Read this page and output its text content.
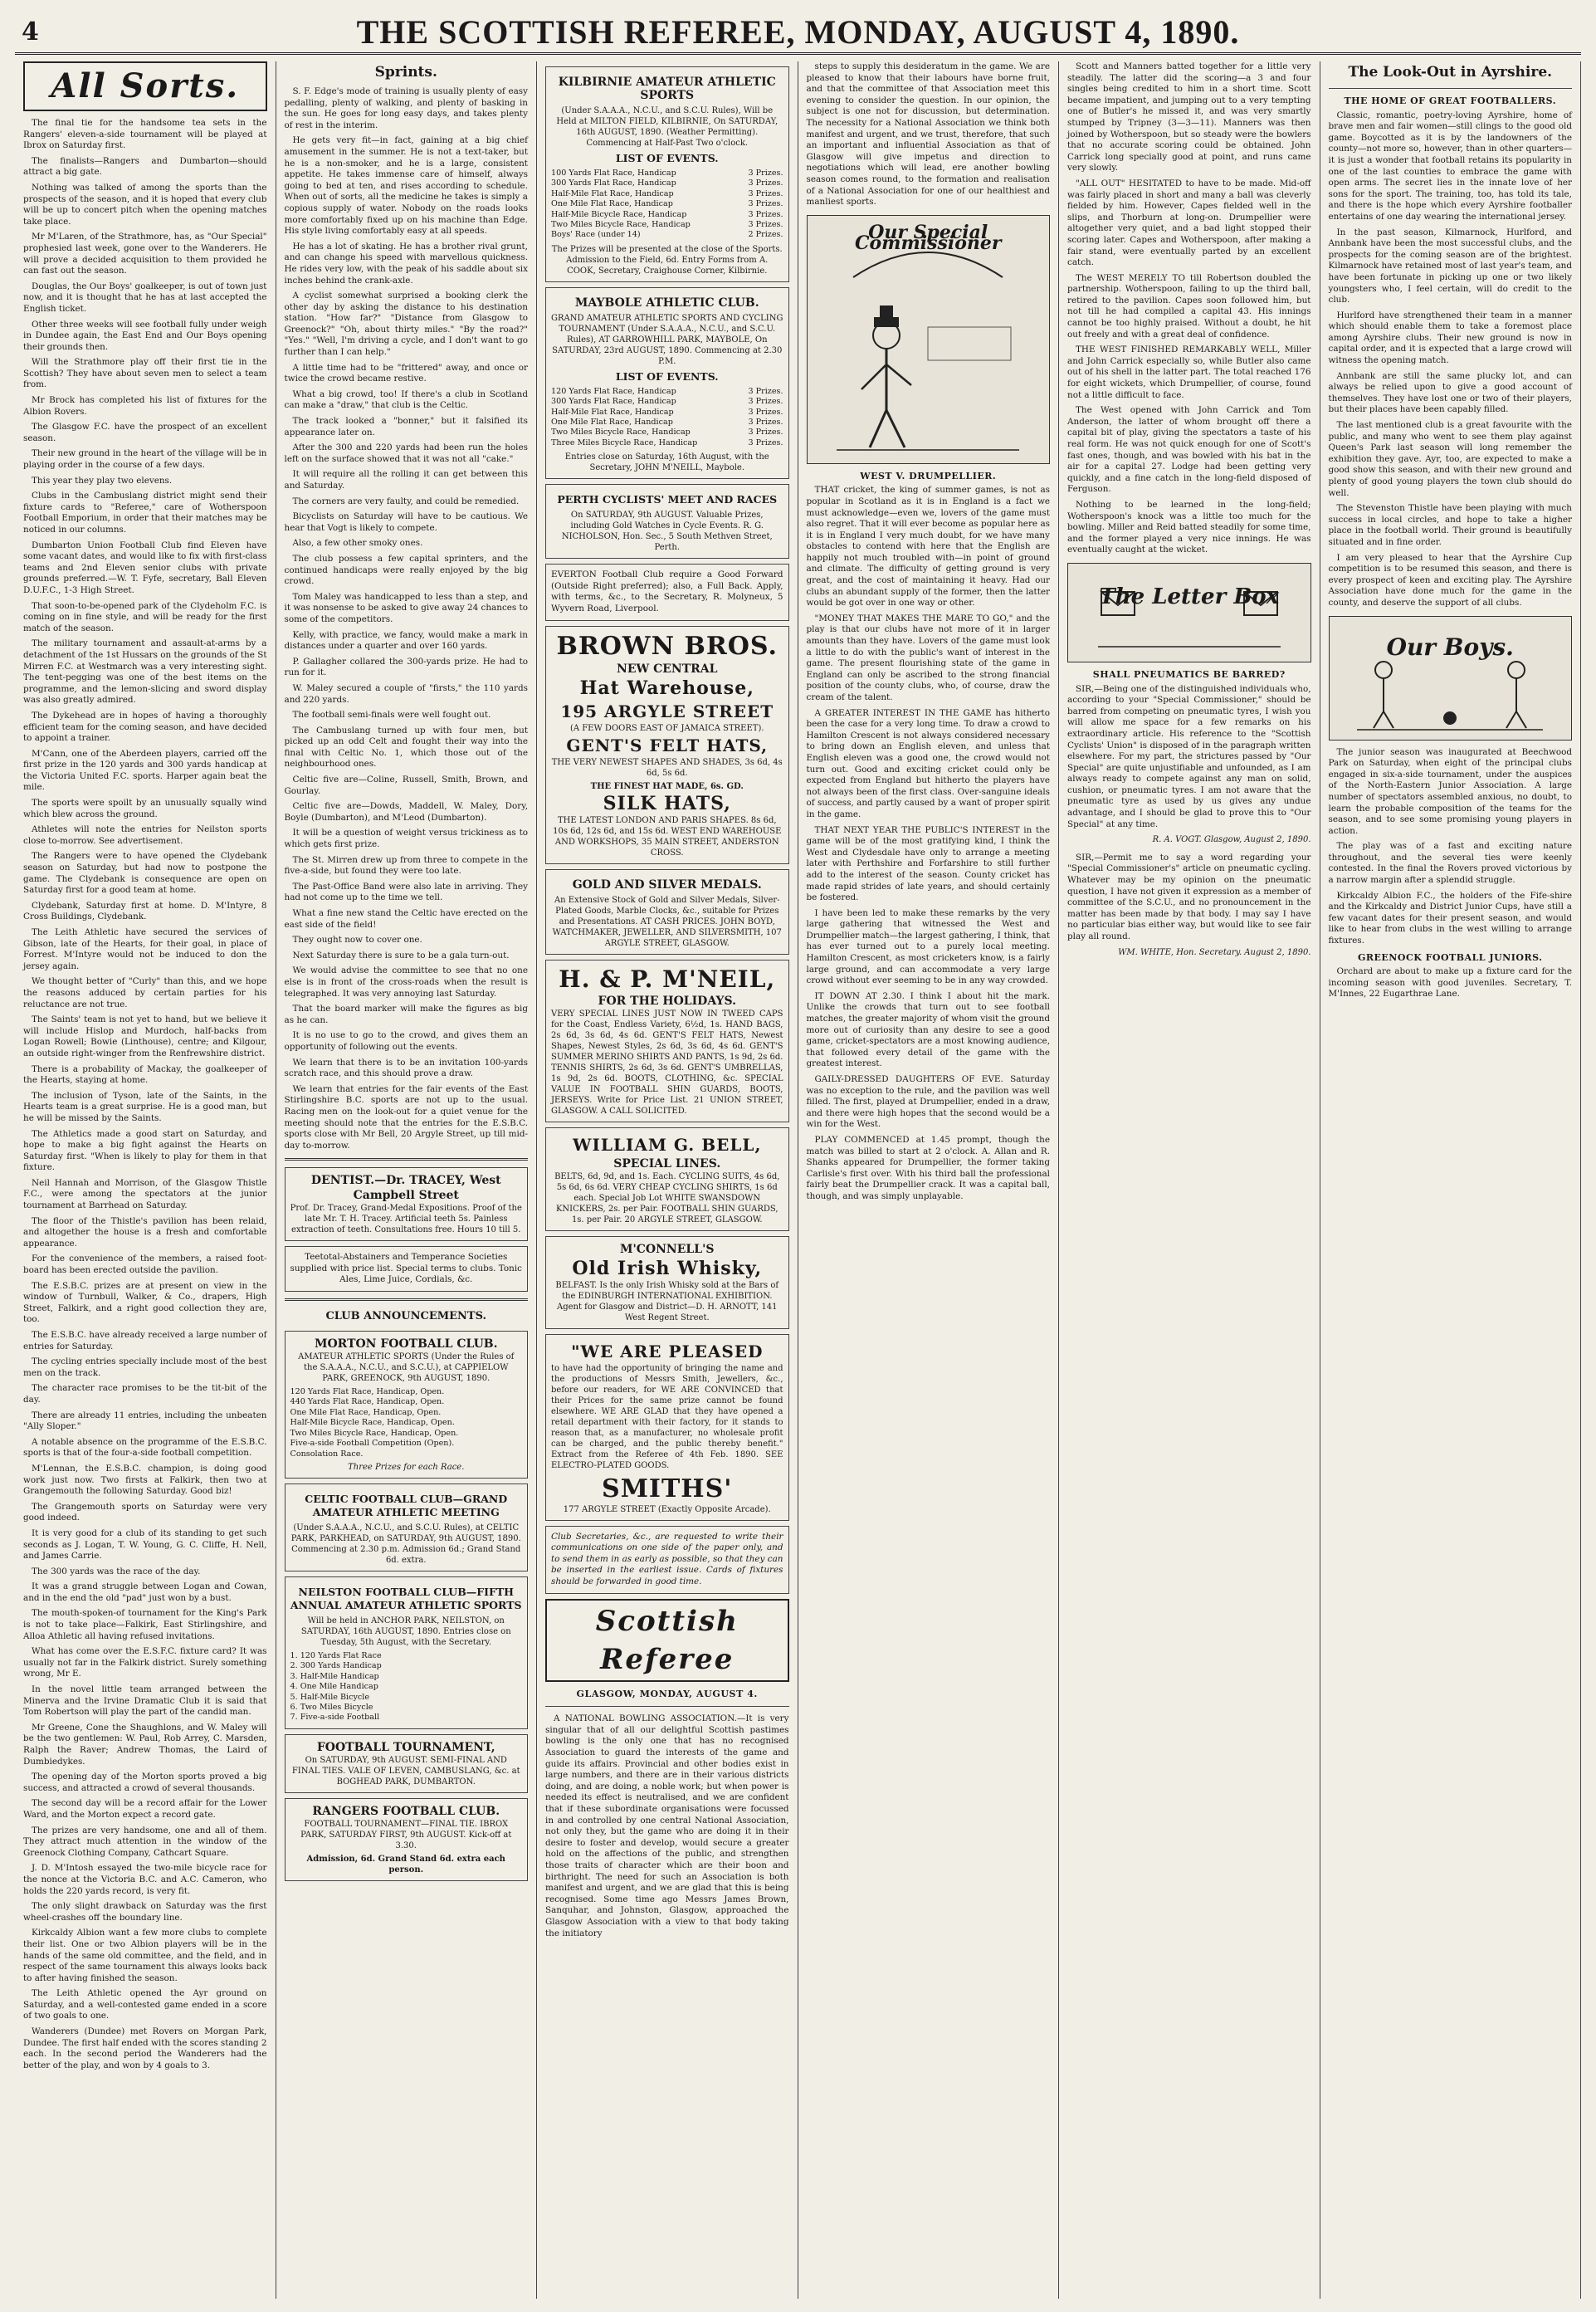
4	THE SCOTTISH REFEREE, MONDAY, AUGUST 4, 1890.
All Sorts.

The final tie for the handsome tea sets in the Rangers' eleven-a-side tournament will be played at Ibrox on Saturday first.

The finalists—Rangers and Dumbarton—should attract a big gate.

Nothing was talked of among the sports than the prospects of the season, and it is hoped that every club will be up to concert pitch when the opening matches take place.

Mr M'Laren, of the Strathmore, has, as "Our Special" prophesied last week, gone over to the Wanderers. He will prove a decided acquisition to them provided he can fast out the season.

Douglas, the Our Boys' goalkeeper, is out of town just now, and it is thought that he has at last accepted the English ticket.

Other three weeks will see football fully under weigh in Dundee again, the East End and Our Boys opening their grounds then.

Will the Strathmore play off their first tie in the Scottish? They have about seven men to select a team from.

Mr Brock has completed his list of fixtures for the Albion Rovers.

The Glasgow F.C. have the prospect of an excellent season.

Their new ground in the heart of the village will be in playing order in the course of a few days.

This year they play two elevens.

Clubs in the Cambuslang district might send their fixture cards to "Referee," care of Wotherspoon Football Emporium, in order that their matches may be noticed in our columns.

Dumbarton Union Football Club find Eleven have some vacant dates, and would like to fix with first-class teams and 2nd Eleven senior clubs with private grounds preferred.—W. T. Fyfe, secretary, Ball Eleven D.U.F.C., 1-3 High Street.

That soon-to-be-opened park of the Clydeholm F.C. is coming on in fine style, and will be ready for the first match of the season.

The military tournament and assault-at-arms by a detachment of the 1st Hussars on the grounds of the St Mirren F.C. at Westmarch was a very interesting sight. The tent-pegging was one of the best items on the programme, and the lemon-slicing and sword display was also greatly admired.

The Dykehead are in hopes of having a thoroughly efficient team for the coming season, and have decided to appoint a trainer.

M'Cann, one of the Aberdeen players, carried off the first prize in the 120 yards and 300 yards handicap at the Victoria United F.C. sports. Harper again beat the mile.

The sports were spoilt by an unusually squally wind which blew across the ground.

Athletes will note the entries for Neilston sports close to-morrow. See advertisement.

The Rangers were to have opened the Clydebank season on Saturday, but had now to postpone the game. The Clydebank is consequence are open on Saturday first for a good team at home.

Clydebank, Saturday first at home. D. M'Intyre, 8 Cross Buildings, Clydebank.

The Leith Athletic have secured the services of Gibson, late of the Hearts, for their goal, in place of Forrest. M'Intyre would not be induced to don the jersey again.

We thought better of "Curly" than this, and we hope the reasons adduced by certain parties for his reluctance are not true.

The Saints' team is not yet to hand, but we believe it will include Hislop and Murdoch, half-backs from Logan Rowell; Bowie (Linthouse), centre; and Kilgour, an outside right-winger from the Renfrewshire district.

There is a probability of Mackay, the goalkeeper of the Hearts, staying at home.

The inclusion of Tyson, late of the Saints, in the Hearts team is a great surprise. He is a good man, but he will be missed by the Saints.

The Athletics made a good start on Saturday, and hope to make a big fight against the Hearts on Saturday first. "When is likely to play for them in that fixture.

Neil Hannah and Morrison, of the Glasgow Thistle F.C., were among the spectators at the junior tournament at Barrhead on Saturday.

The floor of the Thistle's pavilion has been relaid, and altogether the house is a fresh and comfortable appearance.

For the convenience of the members, a raised foot-board has been erected outside the pavilion.

The E.S.B.C. prizes are at present on view in the window of Turnbull, Walker, & Co., drapers, High Street, Falkirk, and a right good collection they are, too.

The E.S.B.C. have already received a large number of entries for Saturday.

The cycling entries specially include most of the best men on the track.

The character race promises to be the tit-bit of the day.

There are already 11 entries, including the unbeaten "Ally Sloper."

A notable absence on the programme of the E.S.B.C. sports is that of the four-a-side football competition.

M'Lennan, the E.S.B.C. champion, is doing good work just now. Two firsts at Falkirk, then two at Grangemouth the following Saturday. Good biz!

The Grangemouth sports on Saturday were very good indeed.

It is very good for a club of its standing to get such seconds as J. Logan, T. W. Young, G. C. Cliffe, H. Nell, and James Carrie.

The 300 yards was the race of the day.

It was a grand struggle between Logan and Cowan, and in the end the old "pad" just won by a bust.

The mouth-spoken-of tournament for the King's Park is not to take place—Falkirk, East Stirlingshire, and Alloa Athletic all having refused invitations.

What has come over the E.S.F.C. fixture card? It was usually not far in the Falkirk district. Surely something wrong, Mr E.

In the novel little team arranged between the Minerva and the Irvine Dramatic Club it is said that Tom Robertson will play the part of the candid man.

Mr Greene, Cone the Shaughlons, and W. Maley will be the two gentlemen: W. Paul, Rob Arrey, C. Marsden, Ralph the Raver; Andrew Thomas, the Laird of Dumbiedykes.

The opening day of the Morton sports proved a big success, and attracted a crowd of several thousands.

The second day will be a record affair for the Lower Ward, and the Morton expect a record gate.

The prizes are very handsome, one and all of them. They attract much attention in the window of the Greenock Clothing Company, Cathcart Square.

J. D. M'Intosh essayed the two-mile bicycle race for the nonce at the Victoria B.C. and A.C. Cameron, who holds the 220 yards record, is very fit.

The only slight drawback on Saturday was the first wheel-crashes off the boundary line.

Kirkcaldy Albion want a few more clubs to complete their list. One or two Albion players will be in the hands of the same old committee, and the field, and in respect of the same tournament this always looks back to after having finished the season.

The Leith Athletic opened the Ayr ground on Saturday, and a well-contested game ended in a score of two goals to one.

Wanderers (Dundee) met Rovers on Morgan Park, Dundee. The first half ended with the scores standing 2 each. In the second period the Wanderers had the better of the play, and won by 4 goals to 3.

Sprints.

S. F. Edge's mode of training is usually plenty of easy pedalling, plenty of walking, and plenty of basking in the sun. He goes for long easy days, and takes plenty of rest in the interim.

He gets very fit—in fact, gaining at a big chief amusement in the summer. He is not a text-taker, but he is a non-smoker, and he is a large, consistent appetite. He takes immense care of himself, always going to bed at ten, and rises according to schedule. When out of sorts, all the medicine he takes is simply a copious supply of water. Nobody on the roads looks more comfortably fixed up on his machine than Edge. His style living comfortably easy at all speeds.

He has a lot of skating. He has a brother rival grunt, and can change his speed with marvellous quickness. He rides very low, with the peak of his saddle about six inches behind the crank-axle.

A cyclist somewhat surprised a booking clerk the other day by asking the distance to his destination station. "How far?" "Distance from Glasgow to Greenock?" "Oh, about thirty miles." "By the road?" "Yes." "Well, I'm driving a cycle, and I don't want to go further than I can help."

A little time had to be "frittered" away, and once or twice the crowd became restive.

What a big crowd, too! If there's a club in Scotland can make a "draw," that club is the Celtic.

The track looked a "bonner," but it falsified its appearance later on.

After the 300 and 220 yards had been run the holes left on the surface showed that it was not all "cake."

It will require all the rolling it can get between this and Saturday.

The corners are very faulty, and could be remedied.

Bicyclists on Saturday will have to be cautious. We hear that Vogt is likely to compete.

Also, a few other smoky ones.

The club possess a few capital sprinters, and the continued handicaps were really enjoyed by the big crowd.

Tom Maley was handicapped to less than a step, and it was nonsense to be asked to give away 24 chances to some of the competitors.

Kelly, with practice, we fancy, would make a mark in distances under a quarter and over 160 yards.

P. Gallagher collared the 300-yards prize. He had to run for it.

W. Maley secured a couple of "firsts," the 110 yards and 220 yards.

The football semi-finals were well fought out.

The Cambuslang turned up with four men, but picked up an odd Celt and fought their way into the final with Celtic No. 1, which those out of the neighbourhood ones.

Celtic five are—Coline, Russell, Smith, Brown, and Gourlay.

Celtic five are—Dowds, Maddell, W. Maley, Dory, Boyle (Dumbarton), and M'Leod (Dumbarton).

It will be a question of weight versus trickiness as to which gets first prize.

The St. Mirren drew up from three to compete in the five-a-side, but found they were too late.

The Past-Office Band were also late in arriving. They had not come up to the time we tell.

What a fine new stand the Celtic have erected on the east side of the field!

They ought now to cover one.

Next Saturday there is sure to be a gala turn-out.

We would advise the committee to see that no one else is in front of the cross-roads when the result is telegraphed. It was very annoying last Saturday.

That the board marker will make the figures as big as he can.

It is no use to go to the crowd, and gives them an opportunity of following out the events.

We learn that there is to be an invitation 100-yards scratch race, and this should prove a draw.

We learn that entries for the fair events of the East Stirlingshire B.C. sports are not up to the usual. Racing men on the look-out for a quiet venue for the meeting should note that the entries for the E.S.B.C. sports close with Mr Bell, 20 Argyle Street, up till mid-day to-morrow.

DENTIST.—Dr. TRACEY, West Campbell Street
Prof. Dr. Tracey, Grand-Medal Expositions. Proof of the late Mr. T. H. Tracey. Artificial teeth 5s. Painless extraction of teeth. Consultations free. Hours 10 till 5.
Teetotal-Abstainers and Temperance Societies supplied with price list. Special terms to clubs. Tonic Ales, Lime Juice, Cordials, &c.
CLUB ANNOUNCEMENTS.
MORTON FOOTBALL CLUB.
AMATEUR ATHLETIC SPORTS (Under the Rules of the S.A.A.A., N.C.U., and S.C.U.), at CAPPIELOW PARK, GREENOCK, 9th AUGUST, 1890.
120 Yards Flat Race, Handicap, Open.
440 Yards Flat Race, Handicap, Open.
One Mile Flat Race, Handicap, Open.
Half-Mile Bicycle Race, Handicap, Open.
Two Miles Bicycle Race, Handicap, Open.
Five-a-side Football Competition (Open).
Consolation Race.
Three Prizes for each Race.
CELTIC FOOTBALL CLUB—GRAND AMATEUR ATHLETIC MEETING
(Under S.A.A.A., N.C.U., and S.C.U. Rules), at CELTIC PARK, PARKHEAD, on SATURDAY, 9th AUGUST, 1890. Commencing at 2.30 p.m. Admission 6d.; Grand Stand 6d. extra.
NEILSTON FOOTBALL CLUB—FIFTH ANNUAL AMATEUR ATHLETIC SPORTS
Will be held in ANCHOR PARK, NEILSTON, on SATURDAY, 16th AUGUST, 1890. Entries close on Tuesday, 5th August, with the Secretary.
1. 120 Yards Flat Race
2. 300 Yards Handicap
3. Half-Mile Handicap
4. One Mile Handicap
5. Half-Mile Bicycle
6. Two Miles Bicycle
7. Five-a-side Football
FOOTBALL TOURNAMENT,
On SATURDAY, 9th AUGUST. SEMI-FINAL AND FINAL TIES. VALE OF LEVEN, CAMBUSLANG, &c. at BOGHEAD PARK, DUMBARTON.
RANGERS FOOTBALL CLUB.
FOOTBALL TOURNAMENT—FINAL TIE. IBROX PARK, SATURDAY FIRST, 9th AUGUST. Kick-off at 3.30.
Admission, 6d. Grand Stand 6d. extra each person.
KILBIRNIE AMATEUR ATHLETIC SPORTS
(Under S.A.A.A., N.C.U., and S.C.U. Rules), Will be Held at MILTON FIELD, KILBIRNIE, On SATURDAY, 16th AUGUST, 1890. (Weather Permitting). Commencing at Half-Past Two o'clock.
LIST OF EVENTS.
100 Yards Flat Race, Handicap	3 Prizes.
300 Yards Flat Race, Handicap	3 Prizes.
Half-Mile Flat Race, Handicap	3 Prizes.
One Mile Flat Race, Handicap	3 Prizes.
Half-Mile Bicycle Race, Handicap	3 Prizes.
Two Miles Bicycle Race, Handicap	3 Prizes.
Boys' Race (under 14)	2 Prizes.
The Prizes will be presented at the close of the Sports. Admission to the Field, 6d. Entry Forms from A. COOK, Secretary, Craighouse Corner, Kilbirnie.
MAYBOLE ATHLETIC CLUB.
GRAND AMATEUR ATHLETIC SPORTS AND CYCLING TOURNAMENT (Under S.A.A.A., N.C.U., and S.C.U. Rules), AT GARROWHILL PARK, MAYBOLE, On SATURDAY, 23rd AUGUST, 1890. Commencing at 2.30 P.M.
LIST OF EVENTS.
120 Yards Flat Race, Handicap	3 Prizes.
300 Yards Flat Race, Handicap	3 Prizes.
Half-Mile Flat Race, Handicap	3 Prizes.
One Mile Flat Race, Handicap	3 Prizes.
Two Miles Bicycle Race, Handicap	3 Prizes.
Three Miles Bicycle Race, Handicap	3 Prizes.
Entries close on Saturday, 16th August, with the Secretary, JOHN M'NEILL, Maybole.
PERTH CYCLISTS' MEET AND RACES
On SATURDAY, 9th AUGUST. Valuable Prizes, including Gold Watches in Cycle Events. R. G. NICHOLSON, Hon. Sec., 5 South Methven Street, Perth.
EVERTON Football Club require a Good Forward (Outside Right preferred); also, a Full Back. Apply, with terms, &c., to the Secretary, R. Molyneux, 5 Wyvern Road, Liverpool.
BROWN BROS.
NEW CENTRAL
Hat Warehouse,
195 ARGYLE STREET
(A FEW DOORS EAST OF JAMAICA STREET).
GENT'S FELT HATS,
THE VERY NEWEST SHAPES AND SHADES, 3s 6d, 4s 6d, 5s 6d.
THE FINEST HAT MADE, 6s. GD.
SILK HATS,
THE LATEST LONDON AND PARIS SHAPES. 8s 6d, 10s 6d, 12s 6d, and 15s 6d. WEST END WAREHOUSE AND WORKSHOPS, 35 MAIN STREET, ANDERSTON CROSS.
GOLD AND SILVER MEDALS.
An Extensive Stock of Gold and Silver Medals, Silver-Plated Goods, Marble Clocks, &c., suitable for Prizes and Presentations. AT CASH PRICES. JOHN BOYD, WATCHMAKER, JEWELLER, AND SILVERSMITH, 107 ARGYLE STREET, GLASGOW.
H. & P. M'NEIL,
FOR THE HOLIDAYS.
VERY SPECIAL LINES JUST NOW IN TWEED CAPS for the Coast, Endless Variety, 6½d, 1s. HAND BAGS, 2s 6d, 3s 6d, 4s 6d. GENT'S FELT HATS, Newest Shapes, Newest Styles, 2s 6d, 3s 6d, 4s 6d. GENT'S SUMMER MERINO SHIRTS AND PANTS, 1s 9d, 2s 6d. TENNIS SHIRTS, 2s 6d, 3s 6d. GENT'S UMBRELLAS, 1s 9d, 2s 6d. BOOTS, CLOTHING, &c. SPECIAL VALUE IN FOOTBALL SHIN GUARDS, BOOTS, JERSEYS. Write for Price List. 21 UNION STREET, GLASGOW. A CALL SOLICITED.
WILLIAM G. BELL,
SPECIAL LINES.
BELTS, 6d, 9d, and 1s. Each. CYCLING SUITS, 4s 6d, 5s 6d, 6s 6d. VERY CHEAP CYCLING SHIRTS, 1s 6d each. Special Job Lot WHITE SWANSDOWN KNICKERS, 2s. per Pair. FOOTBALL SHIN GUARDS, 1s. per Pair. 20 ARGYLE STREET, GLASGOW.
M'CONNELL'S
Old Irish Whisky,
BELFAST. Is the only Irish Whisky sold at the Bars of the EDINBURGH INTERNATIONAL EXHIBITION. Agent for Glasgow and District—D. H. ARNOTT, 141 West Regent Street.
"WE ARE PLEASED
to have had the opportunity of bringing the name and the productions of Messrs Smith, Jewellers, &c., before our readers, for WE ARE CONVINCED that their Prices for the same prize cannot be found elsewhere. WE ARE GLAD that they have opened a retail department with their factory, for it stands to reason that, as a manufacturer, no wholesale profit can be charged, and the public thereby benefit." Extract from the Referee of 4th Feb. 1890. SEE ELECTRO-PLATED GOODS.
SMITHS'
177 ARGYLE STREET (Exactly Opposite Arcade).
Club Secretaries, &c., are requested to write their communications on one side of the paper only, and to send them in as early as possible, so that they can be inserted in the earliest issue. Cards of fixtures should be forwarded in good time.
Scottish Referee
GLASGOW, MONDAY, AUGUST 4.

A NATIONAL BOWLING ASSOCIATION.—It is very singular that of all our delightful Scottish pastimes bowling is the only one that has no recognised Association to guard the interests of the game and guide its affairs. Provincial and other bodies exist in large numbers, and there are in their various districts doing, and are doing, a noble work; but when power is needed its effect is neutralised, and we are confident that if these subordinate organisations were focussed in and controlled by one central National Association, not only they, but the game who are doing it in their desire to foster and develop, would secure a greater hold on the affections of the public, and strengthen those traits of character which are their boon and birthright. The need for such an Association is both manifest and urgent, and we are glad that this is being recognised. Some time ago Messrs James Brown, Sanquhar, and Johnston, Glasgow, approached the Glasgow Association with a view to that body taking the initiatory

steps to supply this desideratum in the game. We are pleased to know that their labours have borne fruit, and that the committee of that Association meet this evening to consider the question. In our opinion, the subject is one not for discussion, but determination. The necessity for a National Association we think both manifest and urgent, and we trust, therefore, that such an important and influential Association as that of Glasgow will give impetus and direction to negotiations which will lead, ere another bowling season comes round, to the formation and realisation of a National Association for one of our healthiest and manliest sports.

Our Special Commissioner
WEST V. DRUMPELLIER.

THAT cricket, the king of summer games, is not as popular in Scotland as it is in England is a fact we must acknowledge—even we, lovers of the game must also regret. That it will ever become as popular here as it is in England I very much doubt, for we have many obstacles to contend with here that the English are happily not much troubled with—in point of ground and climate. The difficulty of getting ground is very great, and the cost of maintaining it heavy. Had our clubs an abundant supply of the former, then the latter would be got over in one way or other.

"MONEY THAT MAKES THE MARE TO GO," and the play is that our clubs have not more of it in larger amounts than they have. Lovers of the game must look a little to do with the public's want of interest in the game. The present flourishing state of the game in England can only be ascribed to the strong financial position of the county clubs, who, of course, draw the cream of the talent.

A GREATER INTEREST IN THE GAME has hitherto been the case for a very long time. To draw a crowd to Hamilton Crescent is not always considered necessary to bring down an English eleven, and unless that English eleven was a good one, the crowd would not turn out. Good and exciting cricket could only be expected from England but hitherto the players have not always been of the first class. Over-sanguine ideals of success, and partly caused by a want of proper spirit in the game.

THAT NEXT YEAR THE PUBLIC'S INTEREST in the game will be of the most gratifying kind, I think the West and Clydesdale have only to arrange a meeting later with Perthshire and Forfarshire to still further add to the interest of the season. County cricket has made rapid strides of late years, and should certainly be fostered.

I have been led to make these remarks by the very large gathering that witnessed the West and Drumpellier match—the largest gathering, I think, that has ever turned out to a purely local meeting. Hamilton Crescent, as most cricketers know, is a fairly large ground, and can accommodate a very large crowd without ever seeming to be in any way crowded.

IT DOWN AT 2.30. I think I about hit the mark. Unlike the crowds that turn out to see football matches, the greater majority of whom visit the ground more out of curiosity than any desire to see a good game, cricket-spectators are a most knowing audience, that followed every detail of the game with the greatest interest.

GAILY-DRESSED DAUGHTERS OF EVE. Saturday was no exception to the rule, and the pavilion was well filled. The first, played at Drumpellier, ended in a draw, and there were high hopes that the second would be a win for the West.

PLAY COMMENCED at 1.45 prompt, though the match was billed to start at 2 o'clock. A. Allan and R. Shanks appeared for Drumpellier, the former taking Carlisle's first over. With his third ball the professional fairly beat the Drumpellier crack. It was a capital ball, though, and was simply unplayable.

Scott and Manners batted together for a little very steadily. The latter did the scoring—a 3 and four singles being credited to him in a short time. Scott became impatient, and jumping out to a very tempting one of Butler's he missed it, and was very smartly stumped by Tripney (3—3—11). Manners was then joined by Wotherspoon, but so steady were the bowlers that no accurate scoring could be obtained. John Carrick long specially good at point, and runs came very slowly.

"ALL OUT" HESITATED to have to be made. Mid-off was fairly placed in short and many a ball was cleverly fielded by him. However, Capes fielded well in the slips, and Thorburn at long-on. Drumpellier were altogether very quiet, and a bad light stopped their scoring later. Capes and Wotherspoon, after making a fair stand, were eventually parted by an excellent catch.

The WEST MERELY TO till Robertson doubled the partnership. Wotherspoon, failing to up the third ball, retired to the pavilion. Capes soon followed him, but not till he had compiled a capital 43. His innings cannot be too highly praised. Without a doubt, he hit out freely and with a great deal of confidence.

THE WEST FINISHED REMARKABLY WELL, Miller and John Carrick especially so, while Butler also came out of his shell in the latter part. The total reached 176 for eight wickets, which Drumpellier, of course, found not a little difficult to face.

The West opened with John Carrick and Tom Anderson, the latter of whom brought off there a capital bit of play, giving the spectators a taste of his real form. He was not quick enough for one of Scott's fast ones, though, and was bowled with his bat in the air for a capital 27. Lodge had been getting very quickly, and a fine catch in the long-field disposed of Ferguson.

Nothing to be learned in the long-field; Wotherspoon's knock was a little too much for the bowling. Miller and Reid batted steadily for some time, and the former played a very nice innings. He was eventually caught at the wicket.

The Letter Box
SHALL PNEUMATICS BE BARRED?

SIR,—Being one of the distinguished individuals who, according to your "Special Commissioner," should be barred from competing on pneumatic tyres, I wish you will allow me space for a few remarks on his extraordinary article. His reference to the "Scottish Cyclists' Union" is disposed of in the paragraph written elsewhere. For my part, the strictures passed by "Our Special" are quite unjustifiable and unfounded, as I am always ready to compete against any man on solid, cushion, or pneumatic tyres. I am not aware that the pneumatic tyre as used by us gives any undue advantage, and I should be glad to prove this to "Our Special" at any time.

R. A. VOGT. Glasgow, August 2, 1890.

SIR,—Permit me to say a word regarding your "Special Commissioner's" article on pneumatic cycling. Whatever may be my opinion on the pneumatic question, I have not given it expression as a member of committee of the S.C.U., and no pronouncement in the matter has been made by that body. I may say I have no particular bias either way, but would like to see fair play all round.

WM. WHITE, Hon. Secretary. August 2, 1890.
The Look-Out in Ayrshire.
THE HOME OF GREAT FOOTBALLERS.

Classic, romantic, poetry-loving Ayrshire, home of brave men and fair women—still clings to the good old game. Boycotted as it is by the landowners of the county—not more so, however, than in other quarters—it is just a wonder that football retains its popularity in one of the last counties to embrace the game with open arms. The secret lies in the innate love of her sons for the sport. The training, too, has told its tale, and there is the hope which every Ayrshire footballer entertains of one day wearing the international jersey.

In the past season, Kilmarnock, Hurlford, and Annbank have been the most successful clubs, and the prospects for the coming season are of the brightest. Kilmarnock have retained most of last year's team, and have been fortunate in picking up one or two likely youngsters who, I feel certain, will do credit to the club.

Hurlford have strengthened their team in a manner which should enable them to take a foremost place among Ayrshire clubs. Their new ground is now in capital order, and it is expected that a large crowd will witness the opening match.

Annbank are still the same plucky lot, and can always be relied upon to give a good account of themselves. They have lost one or two of their players, but their places have been capably filled.

The last mentioned club is a great favourite with the public, and many who went to see them play against Queen's Park last season will long remember the exhibition they gave. Ayr, too, are expected to make a good show this season, and with their new ground and plenty of good young players the town club should do well.

The Stevenston Thistle have been playing with much success in local circles, and hope to take a higher place in the football world. Their ground is beautifully situated and in fine order.

I am very pleased to hear that the Ayrshire Cup competition is to be resumed this season, and there is every prospect of keen and exciting play. The Ayrshire Association have done much for the game in the county, and deserve the support of all clubs.

Our Boys.

The junior season was inaugurated at Beechwood Park on Saturday, when eight of the principal clubs engaged in six-a-side tournament, under the auspices of the North-Eastern Junior Association. A large number of spectators assembled anxious, no doubt, to learn the probable composition of the teams for the season, and to see some promising young players in action.

The play was of a fast and exciting nature throughout, and the several ties were keenly contested. In the final the Rovers proved victorious by a narrow margin after a splendid struggle.

Kirkcaldy Albion F.C., the holders of the Fife-shire and the Kirkcaldy and District Junior Cups, have still a few vacant dates for their present season, and would like to hear from clubs in the west willing to arrange fixtures.

GREENOCK FOOTBALL JUNIORS.

Orchard are about to make up a fixture card for the incoming season with good juveniles. Secretary, T. M'Innes, 22 Eugarthrae Lane.
